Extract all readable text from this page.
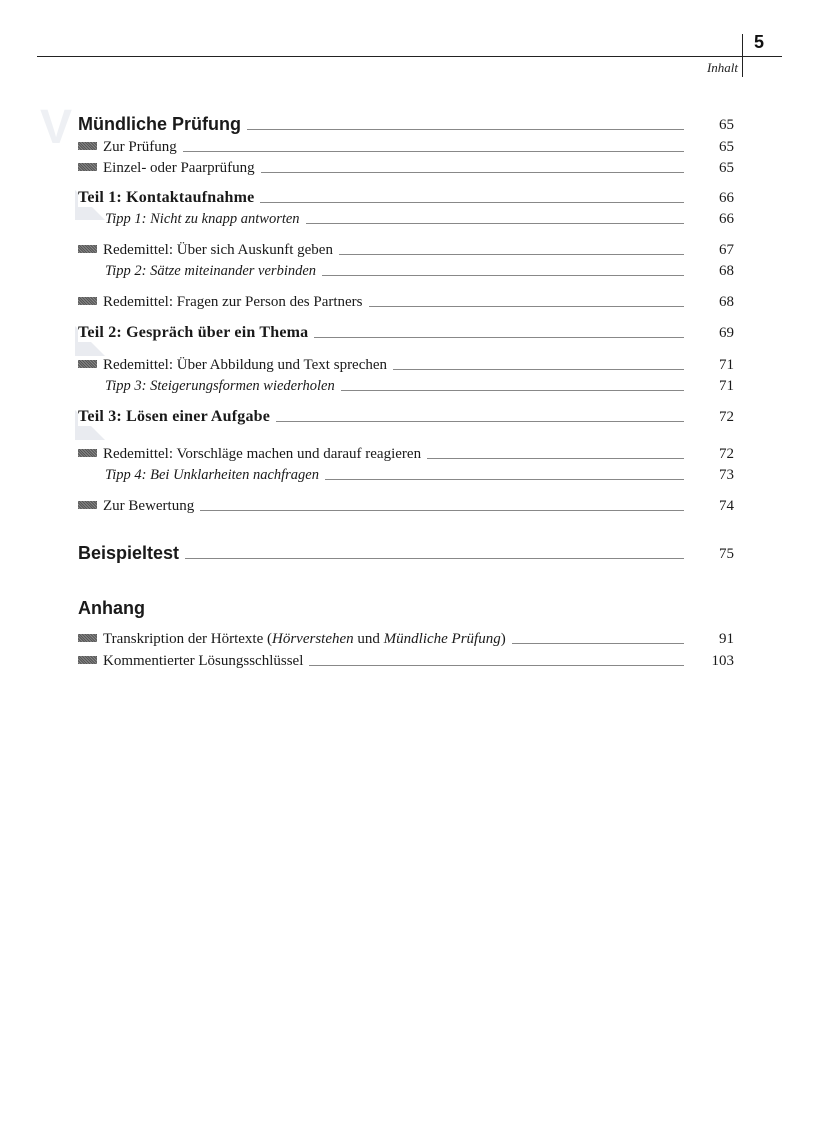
V
5
Inhalt
Mündliche Prüfung	65
Zur Prüfung	65
Einzel- oder Paarprüfung	65
Teil 1: Kontaktaufnahme	66
Tipp 1: Nicht zu knapp antworten	66
Redemittel: Über sich Auskunft geben	67
Tipp 2: Sätze miteinander verbinden	68
Redemittel: Fragen zur Person des Partners	68
Teil 2: Gespräch über ein Thema	69
Redemittel: Über Abbildung und Text sprechen	71
Tipp 3: Steigerungsformen wiederholen	71
Teil 3: Lösen einer Aufgabe	72
Redemittel: Vorschläge machen und darauf reagieren	72
Tipp 4: Bei Unklarheiten nachfragen	73
Zur Bewertung	74
Beispieltest	75
Anhang
Transkription der Hörtexte (Hörverstehen und Mündliche Prüfung)	91
Kommentierter Lösungsschlüssel	103
